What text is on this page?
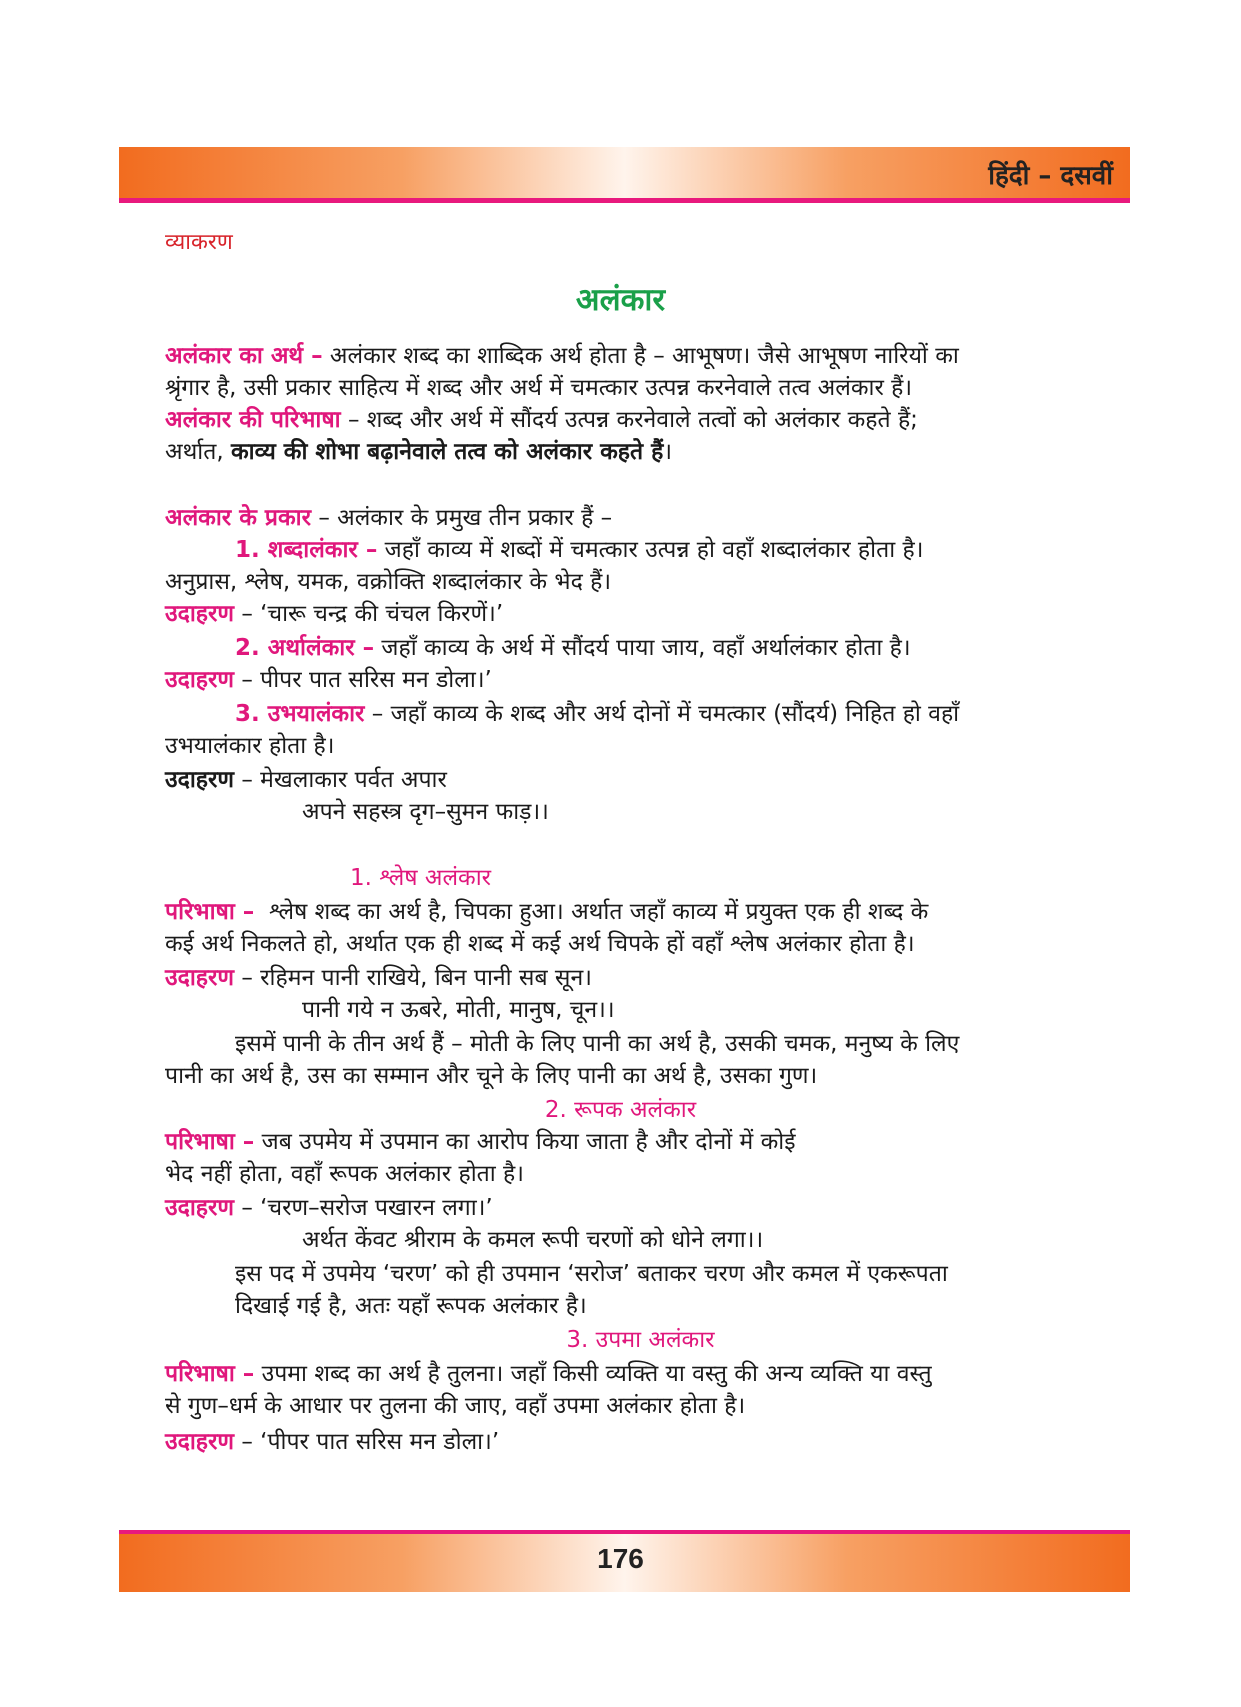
हिंदी – दसवीं
व्याकरण
अलंकार
अलंकार का अर्थ – अलंकार शब्द का शाब्दिक अर्थ होता है – आभूषण। जैसे आभूषण नारियों का
श्रृंगार है, उसी प्रकार साहित्य में शब्द और अर्थ में चमत्कार उत्पन्न करनेवाले तत्व अलंकार हैं।
अलंकार की परिभाषा – शब्द और अर्थ में सौंदर्य उत्पन्न करनेवाले तत्वों को अलंकार कहते हैं;
अर्थात, काव्य की शोभा बढ़ानेवाले तत्व को अलंकार कहते हैं।
अलंकार के प्रकार – अलंकार के प्रमुख तीन प्रकार हैं –
1. शब्दालंकार – जहाँ काव्य में शब्दों में चमत्कार उत्पन्न हो वहाँ शब्दालंकार होता है।
अनुप्रास, श्लेष, यमक, वक्रोक्ति शब्दालंकार के भेद हैं।
उदाहरण – ‘चारू चन्द्र की चंचल किरणें।’
2. अर्थालंकार – जहाँ काव्य के अर्थ में सौंदर्य पाया जाय, वहाँ अर्थालंकार होता है।
उदाहरण – पीपर पात सरिस मन डोला।’
3. उभयालंकार – जहाँ काव्य के शब्द और अर्थ दोनों में चमत्कार (सौंदर्य) निहित हो वहाँ
उभयालंकार होता है।
उदाहरण – मेखलाकार पर्वत अपार
अपने सहस्त्र दृग–सुमन फाड़।।
1. श्लेष अलंकार
परिभाषा – श्लेष शब्द का अर्थ है, चिपका हुआ। अर्थात जहाँ काव्य में प्रयुक्त एक ही शब्द के
कई अर्थ निकलते हो, अर्थात एक ही शब्द में कई अर्थ चिपके हों वहाँ श्लेष अलंकार होता है।
उदाहरण – रहिमन पानी राखिये, बिन पानी सब सून।
पानी गये न ऊबरे, मोती, मानुष, चून।।
इसमें पानी के तीन अर्थ हैं – मोती के लिए पानी का अर्थ है, उसकी चमक, मनुष्य के लिए
पानी का अर्थ है, उस का सम्मान और चूने के लिए पानी का अर्थ है, उसका गुण।
2. रूपक अलंकार
परिभाषा – जब उपमेय में उपमान का आरोप किया जाता है और दोनों में कोई
भेद नहीं होता, वहाँ रूपक अलंकार होता है।
उदाहरण – ‘चरण–सरोज पखारन लगा।’
अर्थत केंवट श्रीराम के कमल रूपी चरणों को धोने लगा।।
इस पद में उपमेय ‘चरण’ को ही उपमान ‘सरोज’ बताकर चरण और कमल में एकरूपता
दिखाई गई है, अतः यहाँ रूपक अलंकार है।
3. उपमा अलंकार
परिभाषा – उपमा शब्द का अर्थ है तुलना। जहाँ किसी व्यक्ति या वस्तु की अन्य व्यक्ति या वस्तु
से गुण–धर्म के आधार पर तुलना की जाए, वहाँ उपमा अलंकार होता है।
उदाहरण – ‘पीपर पात सरिस मन डोला।’
176
